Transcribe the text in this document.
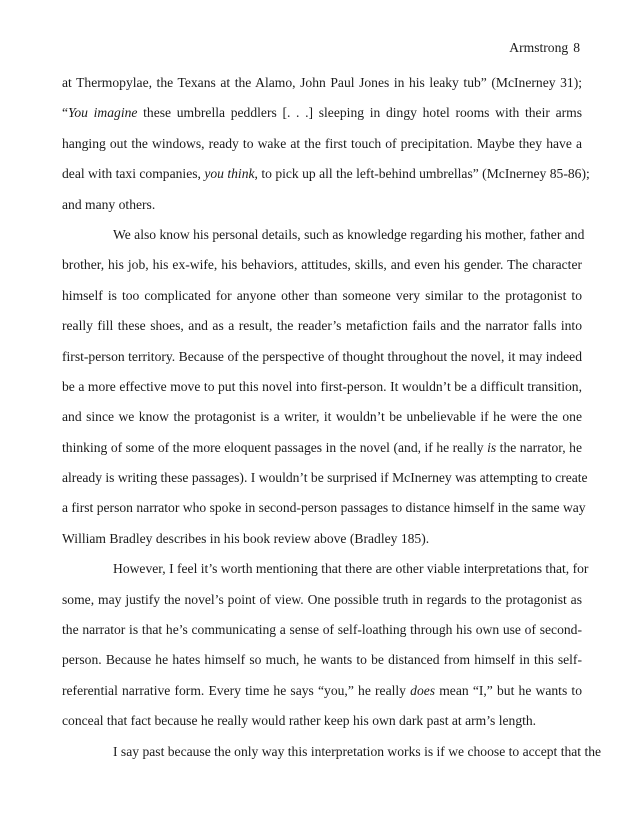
Armstrong 8
at Thermopylae, the Texans at the Alamo, John Paul Jones in his leaky tub” (McInerney 31);
“You imagine these umbrella peddlers [. . .] sleeping in dingy hotel rooms with their arms
hanging out the windows, ready to wake at the first touch of precipitation. Maybe they have a
deal with taxi companies, you think, to pick up all the left-behind umbrellas” (McInerney 85-86);
and many others.
We also know his personal details, such as knowledge regarding his mother, father and
brother, his job, his ex-wife, his behaviors, attitudes, skills, and even his gender. The character
himself is too complicated for anyone other than someone very similar to the protagonist to
really fill these shoes, and as a result, the reader’s metafiction fails and the narrator falls into
first-person territory. Because of the perspective of thought throughout the novel, it may indeed
be a more effective move to put this novel into first-person. It wouldn’t be a difficult transition,
and since we know the protagonist is a writer, it wouldn’t be unbelievable if he were the one
thinking of some of the more eloquent passages in the novel (and, if he really is the narrator, he
already is writing these passages). I wouldn’t be surprised if McInerney was attempting to create
a first person narrator who spoke in second-person passages to distance himself in the same way
William Bradley describes in his book review above (Bradley 185).
However, I feel it’s worth mentioning that there are other viable interpretations that, for
some, may justify the novel’s point of view. One possible truth in regards to the protagonist as
the narrator is that he’s communicating a sense of self-loathing through his own use of second-
person. Because he hates himself so much, he wants to be distanced from himself in this self-
referential narrative form. Every time he says “you,” he really does mean “I,” but he wants to
conceal that fact because he really would rather keep his own dark past at arm’s length.
I say past because the only way this interpretation works is if we choose to accept that the
